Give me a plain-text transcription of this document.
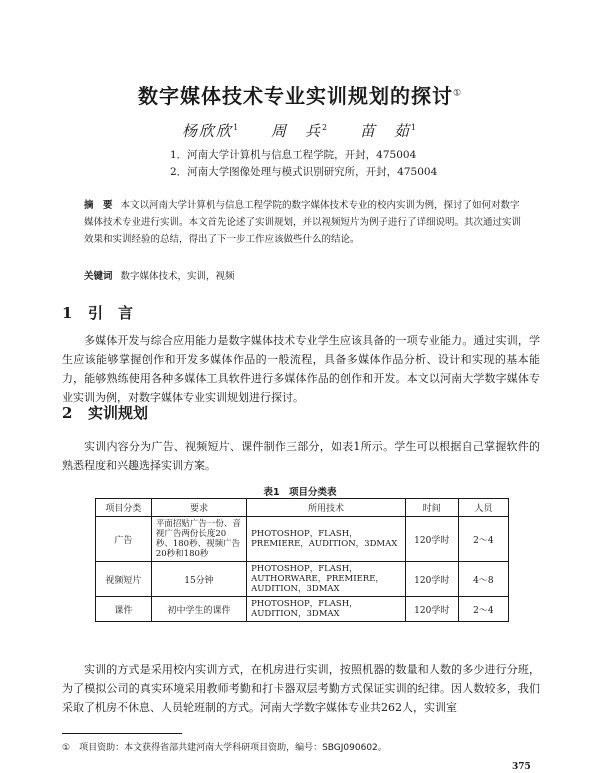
数字媒体技术专业实训规划的探讨①
杨欣欣$^1$ 周　兵$^2$ 苗　茹$^1$
1．河南大学计算机与信息工程学院，开封，475004
2．河南大学图像处理与模式识别研究所，开封，475004
摘　要 本文以河南大学计算机与信息工程学院的数字媒体技术专业的校内实训为例，探讨了如何对数字媒体技术专业进行实训。本文首先论述了实训规划，并以视频短片为例子进行了详细说明。其次通过实训效果和实训经验的总结，得出了下一步工作应该做些什么的结论。
关键词 数字媒体技术，实训，视频
1 引　言
多媒体开发与综合应用能力是数字媒体技术专业学生应该具备的一项专业能力。通过实训，学生应该能够掌握创作和开发多媒体作品的一般流程，具备多媒体作品分析、设计和实现的基本能力，能够熟练使用各种多媒体工具软件进行多媒体作品的创作和开发。本文以河南大学数字媒体专业实训为例，对数字媒体专业实训规划进行探讨。
2 实训规划
实训内容分为广告、视频短片、课件制作三部分，如表1所示。学生可以根据自己掌握软件的熟悉程度和兴趣选择实训方案。
表1　项目分类表
项目分类	要求	所用技术	时间	人员
广告	平面招贴广告一份、音视广告两份长度20秒、180秒、视频广告20秒和180秒	PHOTOSHOP，FLASH，PREMIERE，AUDITION，3DMAX	120学时	2～4
视频短片	15分钟	PHOTOSHOP，FLASH，AUTHORWARE，PREMIERE，AUDITION，3DMAX	120学时	4～8
课件	初中学生的课件	PHOTOSHOP，FLASH，AUDITION，3DMAX	120学时	2～4
实训的方式是采用校内实训方式，在机房进行实训，按照机器的数量和人数的多少进行分班，为了模拟公司的真实环境采用教师考勤和打卡器双层考勤方式保证实训的纪律。因人数较多，我们采取了机房不休息、人员轮班制的方式。河南大学数字媒体专业共262人，实训室
①　项目资助：本文获得省部共建河南大学科研项目资助，编号：SBGJ090602。
375
